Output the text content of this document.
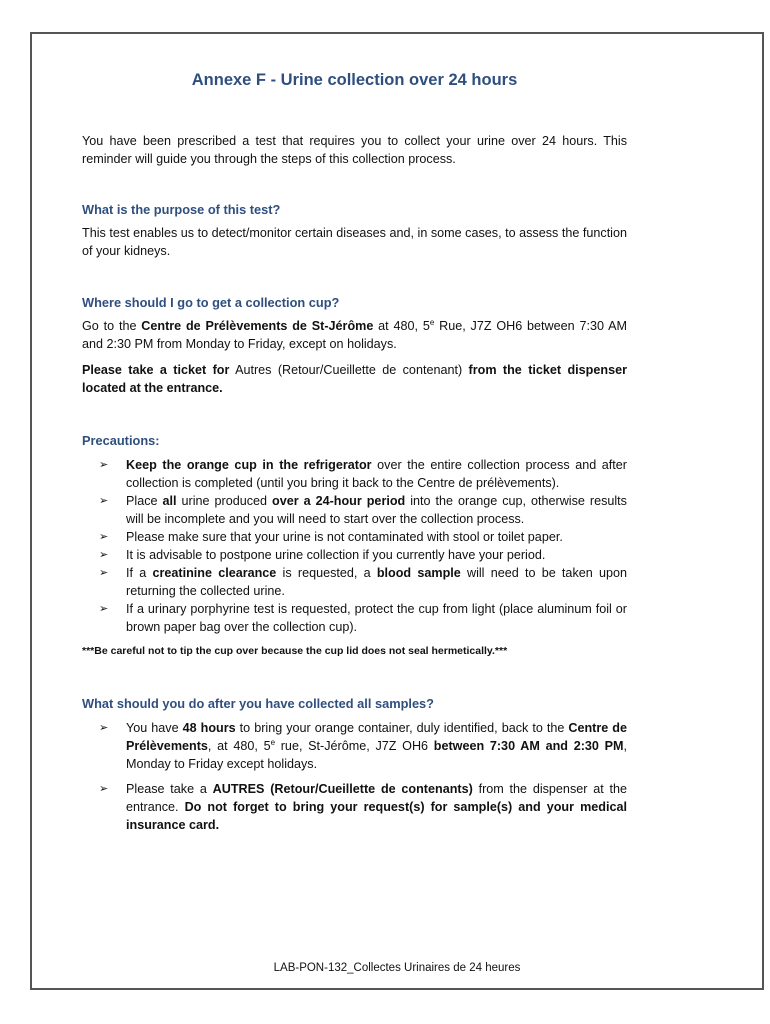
Annexe F - Urine collection over 24 hours

You have been prescribed a test that requires you to collect your urine over 24 hours. This reminder will guide you through the steps of this collection process.

What is the purpose of this test?

This test enables us to detect/monitor certain diseases and, in some cases, to assess the function of your kidneys.

Where should I go to get a collection cup?

Go to the Centre de Prélèvements de St-Jérôme at 480, 5e Rue, J7Z OH6 between 7:30 AM and 2:30 PM from Monday to Friday, except on holidays.

Please take a ticket for Autres (Retour/Cueillette de contenant) from the ticket dispenser located at the entrance.

Precautions:
➢ Keep the orange cup in the refrigerator over the entire collection process and after collection is completed (until you bring it back to the Centre de prélèvements).
➢ Place all urine produced over a 24-hour period into the orange cup, otherwise results will be incomplete and you will need to start over the collection process.
➢ Please make sure that your urine is not contaminated with stool or toilet paper.
➢ It is advisable to postpone urine collection if you currently have your period.
➢ If a creatinine clearance is requested, a blood sample will need to be taken upon returning the collected urine.
➢ If a urinary porphyrine test is requested, protect the cup from light (place aluminum foil or brown paper bag over the collection cup).

***Be careful not to tip the cup over because the cup lid does not seal hermetically.***

What should you do after you have collected all samples?
➢ You have 48 hours to bring your orange container, duly identified, back to the Centre de Prélèvements, at 480, 5e rue, St-Jérôme, J7Z OH6 between 7:30 AM and 2:30 PM, Monday to Friday except holidays.
➢ Please take a AUTRES (Retour/Cueillette de contenants) from the dispenser at the entrance. Do not forget to bring your request(s) for sample(s) and your medical insurance card.
LAB-PON-132_Collectes Urinaires de 24 heures
